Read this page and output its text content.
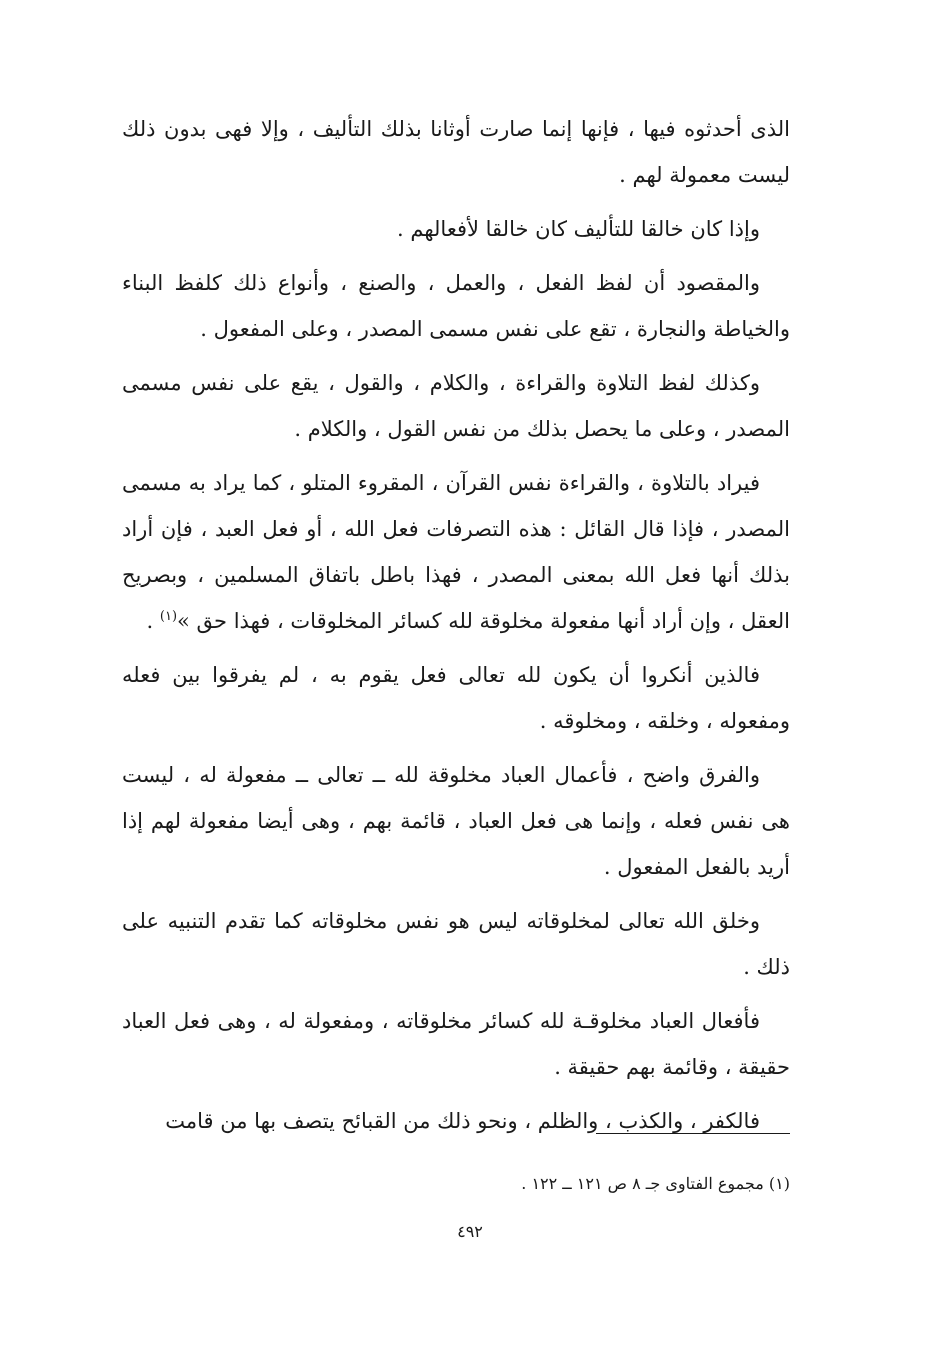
الذى أحدثوه فيها ، فإنها إنما صارت أوثانا بذلك التأليف ، وإلا فهى بدون ذلك ليست معمولة لهم .

وإذا كان خالقا للتأليف كان خالقا لأفعالهم .

والمقصود أن لفظ الفعل ، والعمل ، والصنع ، وأنواع ذلك كلفظ البناء والخياطة والنجارة ، تقع على نفس مسمى المصدر ، وعلى المفعول .

وكذلك لفظ التلاوة والقراءة ، والكلام ، والقول ، يقع على نفس مسمى المصدر ، وعلى ما يحصل بذلك من نفس القول ، والكلام .

فيراد بالتلاوة ، والقراءة نفس القرآن ، المقروء المتلو ، كما يراد به مسمى المصدر ، فإذا قال القائل : هذه التصرفات فعل الله ، أو فعل العبد ، فإن أراد بذلك أنها فعل الله بمعنى المصدر ، فهذا باطل باتفاق المسلمين ، وبصريح العقل ، وإن أراد أنها مفعولة مخلوقة لله كسائر المخلوقات ، فهذا حق »$^{(١)}$ .

فالذين أنكروا أن يكون لله تعالى فعل يقوم به ، لم يفرقوا بين فعله ومفعوله ، وخلقه ، ومخلوقه .

والفرق واضح ، فأعمال العباد مخلوقة لله ــ تعالى ــ مفعولة له ، ليست هى نفس فعله ، وإنما هى فعل العباد ، قائمة بهم ، وهى أيضا مفعولة لهم إذا أريد بالفعل المفعول .

وخلق الله تعالى لمخلوقاته ليس هو نفس مخلوقاته كما تقدم التنبيه على ذلك .

فأفعال العباد مخلوقـة لله كسائر مخلوقاته ، ومفعولة له ، وهى فعل العباد حقيقة ، وقائمة بهم حقيقة .

فالكفر ، والكذب ، والظلم ، ونحو ذلك من القبائح يتصف بها من قامت

(١) مجموع الفتاوى جـ ٨ ص ١٢١ ــ ١٢٢ .
٤٩٢
